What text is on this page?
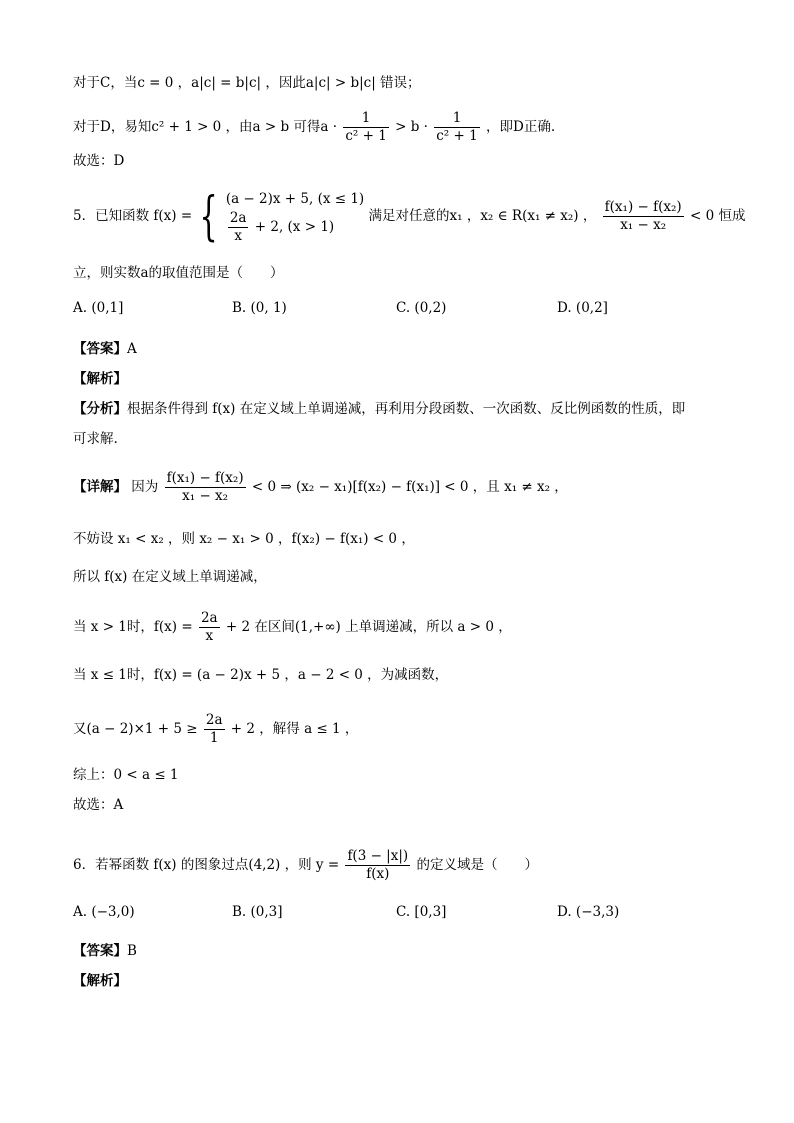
对于C，当c = 0 ，a|c| = b|c| ，因此a|c| > b|c| 错误；
对于D，易知c² + 1 > 0 ，由a > b 可得$a \cdot \frac{1}{\text{c² + 1}} > b \cdot \frac{1}{\text{c² + 1}}$ ，即D正确.
故选：D
5．已知函数 f(x) = { (a − 2)x + 5, (x ≤ 1)
$\frac{2a}{x} + 2$, (x > 1)
满足对任意的x₁ ，x₂ ∈ R(x₁ ≠ x₂) ， $\frac{\text{f(x₁) − f(x₂)}}{\text{x₁ − x₂}} < 0$ 恒成
立，则实数a的取值范围是（　　）
A. (0,1]	B. (0, 1)	C. (0,2)	D. (0,2]
【答案】A
【解析】
【分析】根据条件得到 f(x) 在定义域上单调递减，再利用分段函数、一次函数、反比例函数的性质，即
可求解.
【详解】 因为 $\frac{\text{f(x₁) − f(x₂)}}{\text{x₁ − x₂}} < 0$ ⇒ (x₂ − x₁)[f(x₂) − f(x₁)] < 0 ，且 x₁ ≠ x₂ ，
不妨设 x₁ < x₂ ，则 x₂ − x₁ > 0 ，f(x₂) − f(x₁) < 0 ，
所以 f(x) 在定义域上单调递减，
当 x > 1时，$f(x) = \frac{2a}{x} + 2$ 在区间(1,+∞) 上单调递减，所以 a > 0 ，
当 x ≤ 1时，f(x) = (a − 2)x + 5 ，a − 2 < 0 ，为减函数，
又$(a - 2)\times 1 + 5 \ge \frac{2a}{1} + 2$ ，解得 a ≤ 1 ，
综上：0 < a ≤ 1
故选：A
6．若幂函数 f(x) 的图象过点(4,2) ，则 $y = \frac{f(3 - |x|)}{f(x)}$ 的定义域是（　　）
A. (−3,0)	B. (0,3]	C. [0,3]	D. (−3,3)
【答案】B
【解析】
